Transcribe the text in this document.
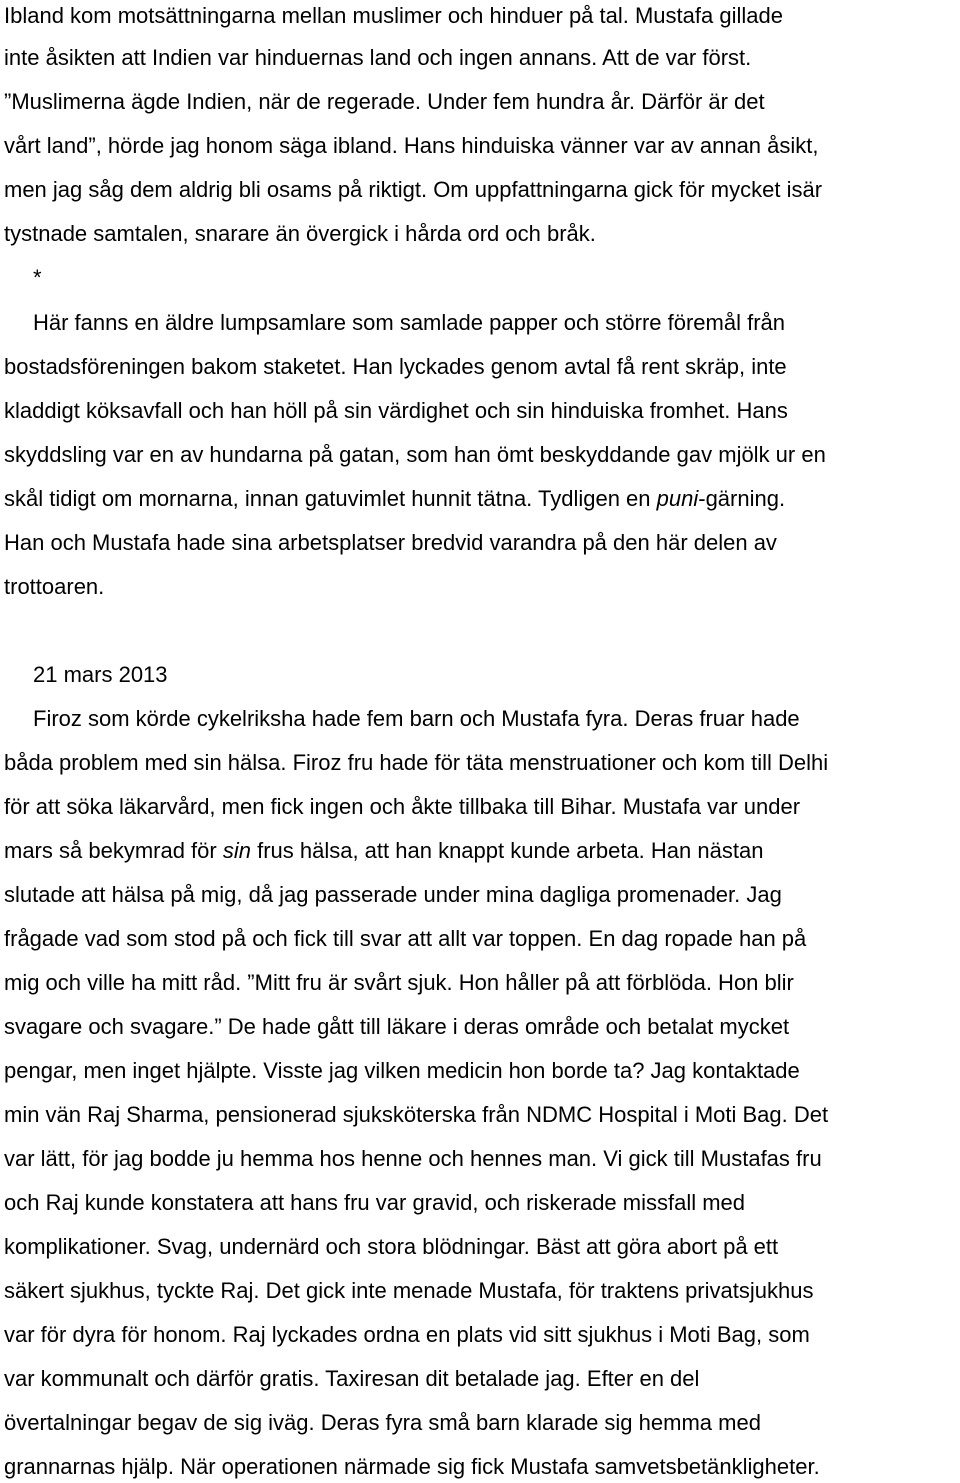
Ibland kom motsättningarna mellan muslimer och hinduer på tal. Mustafa gillade
inte åsikten att Indien var hinduernas land och ingen annans. Att de var först.
”Muslimerna ägde Indien, när de regerade. Under fem hundra år. Därför är det
vårt land”, hörde jag honom säga ibland. Hans hinduiska vänner var av annan åsikt,
men jag såg dem aldrig bli osams på riktigt. Om uppfattningarna gick för mycket isär
tystnade samtalen, snarare än övergick i hårda ord och bråk.
*
Här fanns en äldre lumpsamlare som samlade papper och större föremål från
bostadsföreningen bakom staketet. Han lyckades genom avtal få rent skräp, inte
kladdigt köksavfall och han höll på sin värdighet och sin hinduiska fromhet. Hans
skyddsling var en av hundarna på gatan, som han ömt beskyddande gav mjölk ur en
skål tidigt om mornarna, innan gatuvimlet hunnit tätna. Tydligen en puni-gärning.
Han och Mustafa hade sina arbetsplatser bredvid varandra på den här delen av
trottoaren.
21 mars 2013
Firoz som körde cykelriksha hade fem barn och Mustafa fyra. Deras fruar hade
båda problem med sin hälsa. Firoz fru hade för täta menstruationer och kom till Delhi
för att söka läkarvård, men fick ingen och åkte tillbaka till Bihar. Mustafa var under
mars så bekymrad för sin frus hälsa, att han knappt kunde arbeta. Han nästan
slutade att hälsa på mig, då jag passerade under mina dagliga promenader. Jag
frågade vad som stod på och fick till svar att allt var toppen. En dag ropade han på
mig och ville ha mitt råd. ”Mitt fru är svårt sjuk. Hon håller på att förblöda. Hon blir
svagare och svagare.” De hade gått till läkare i deras område och betalat mycket
pengar, men inget hjälpte. Visste jag vilken medicin hon borde ta? Jag kontaktade
min vän Raj Sharma, pensionerad sjuksköterska från NDMC Hospital i Moti Bag. Det
var lätt, för jag bodde ju hemma hos henne och hennes man. Vi gick till Mustafas fru
och Raj kunde konstatera att hans fru var gravid, och riskerade missfall med
komplikationer. Svag, undernärd och stora blödningar. Bäst att göra abort på ett
säkert sjukhus, tyckte Raj. Det gick inte menade Mustafa, för traktens privatsjukhus
var för dyra för honom. Raj lyckades ordna en plats vid sitt sjukhus i Moti Bag, som
var kommunalt och därför gratis. Taxiresan dit betalade jag. Efter en del
övertalningar begav de sig iväg. Deras fyra små barn klarade sig hemma med
grannarnas hjälp. När operationen närmade sig fick Mustafa samvetsbetänkligheter.
